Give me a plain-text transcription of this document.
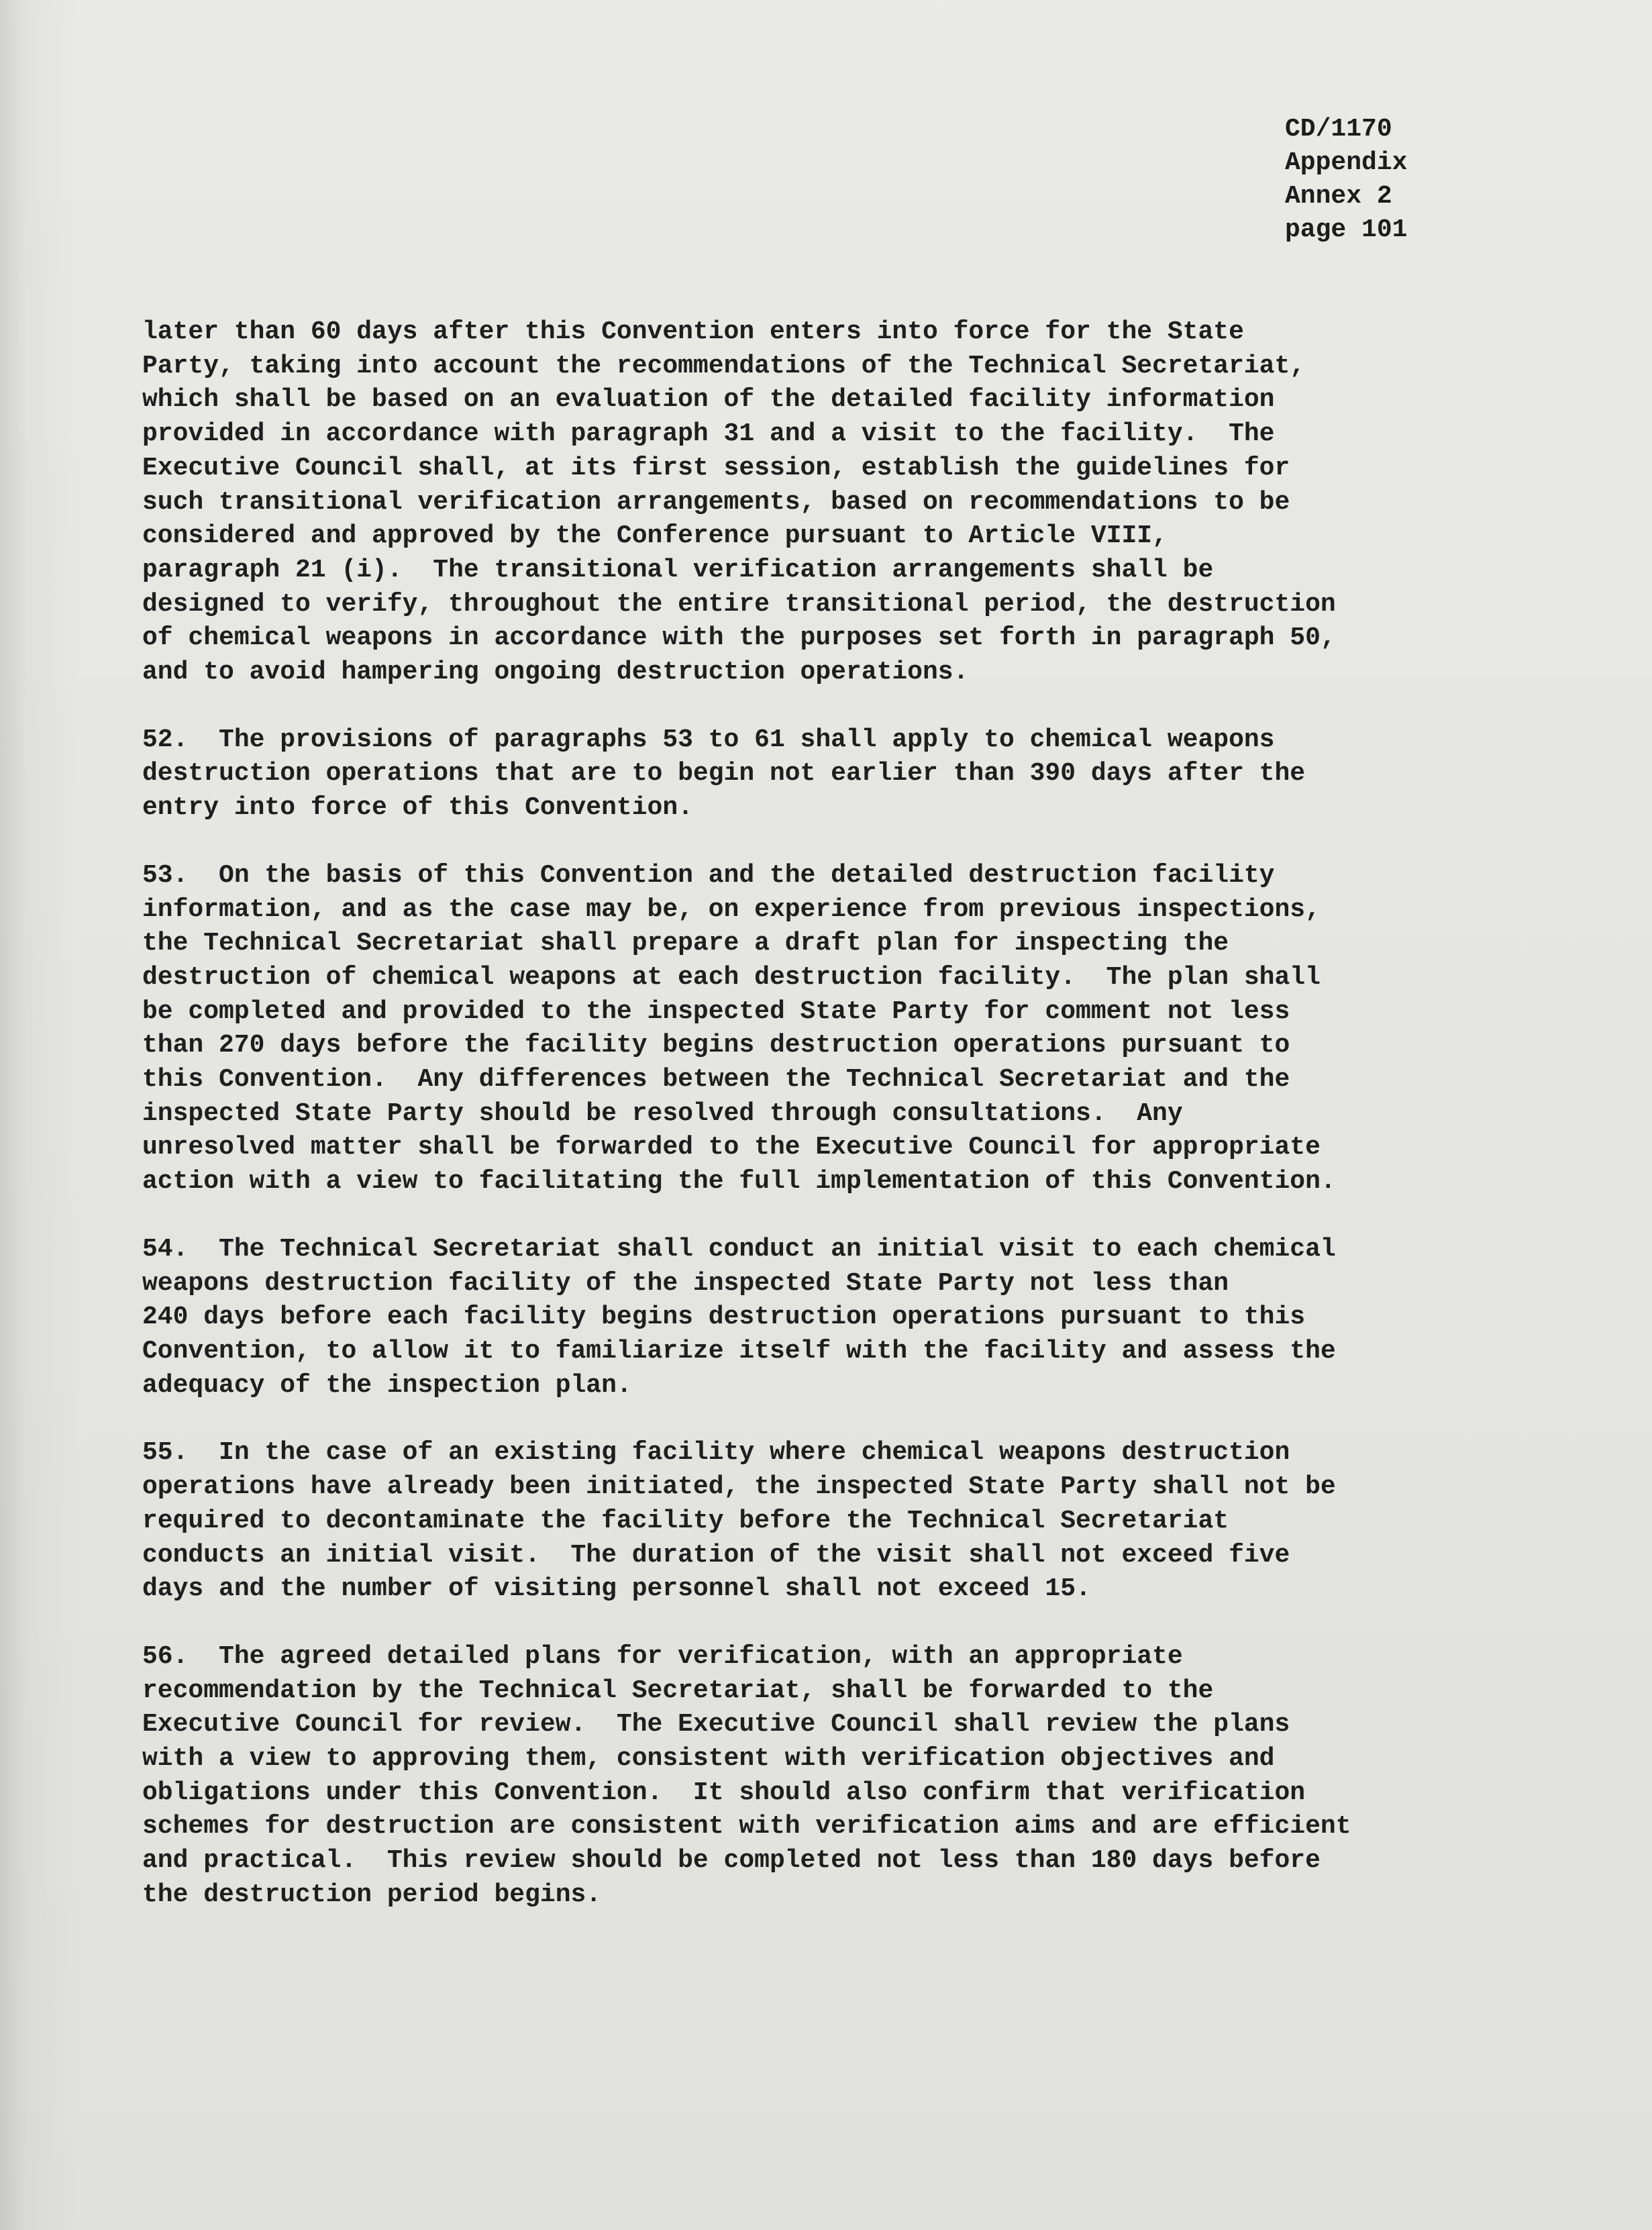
CD/1170
Appendix
Annex 2
page 101

later than 60 days after this Convention enters into force for the State
Party, taking into account the recommendations of the Technical Secretariat,
which shall be based on an evaluation of the detailed facility information
provided in accordance with paragraph 31 and a visit to the facility.  The
Executive Council shall, at its first session, establish the guidelines for
such transitional verification arrangements, based on recommendations to be
considered and approved by the Conference pursuant to Article VIII,
paragraph 21 (i).  The transitional verification arrangements shall be
designed to verify, throughout the entire transitional period, the destruction
of chemical weapons in accordance with the purposes set forth in paragraph 50,
and to avoid hampering ongoing destruction operations.

52.  The provisions of paragraphs 53 to 61 shall apply to chemical weapons
destruction operations that are to begin not earlier than 390 days after the
entry into force of this Convention.

53.  On the basis of this Convention and the detailed destruction facility
information, and as the case may be, on experience from previous inspections,
the Technical Secretariat shall prepare a draft plan for inspecting the
destruction of chemical weapons at each destruction facility.  The plan shall
be completed and provided to the inspected State Party for comment not less
than 270 days before the facility begins destruction operations pursuant to
this Convention.  Any differences between the Technical Secretariat and the
inspected State Party should be resolved through consultations.  Any
unresolved matter shall be forwarded to the Executive Council for appropriate
action with a view to facilitating the full implementation of this Convention.

54.  The Technical Secretariat shall conduct an initial visit to each chemical
weapons destruction facility of the inspected State Party not less than
240 days before each facility begins destruction operations pursuant to this
Convention, to allow it to familiarize itself with the facility and assess the
adequacy of the inspection plan.

55.  In the case of an existing facility where chemical weapons destruction
operations have already been initiated, the inspected State Party shall not be
required to decontaminate the facility before the Technical Secretariat
conducts an initial visit.  The duration of the visit shall not exceed five
days and the number of visiting personnel shall not exceed 15.

56.  The agreed detailed plans for verification, with an appropriate
recommendation by the Technical Secretariat, shall be forwarded to the
Executive Council for review.  The Executive Council shall review the plans
with a view to approving them, consistent with verification objectives and
obligations under this Convention.  It should also confirm that verification
schemes for destruction are consistent with verification aims and are efficient
and practical.  This review should be completed not less than 180 days before
the destruction period begins.
